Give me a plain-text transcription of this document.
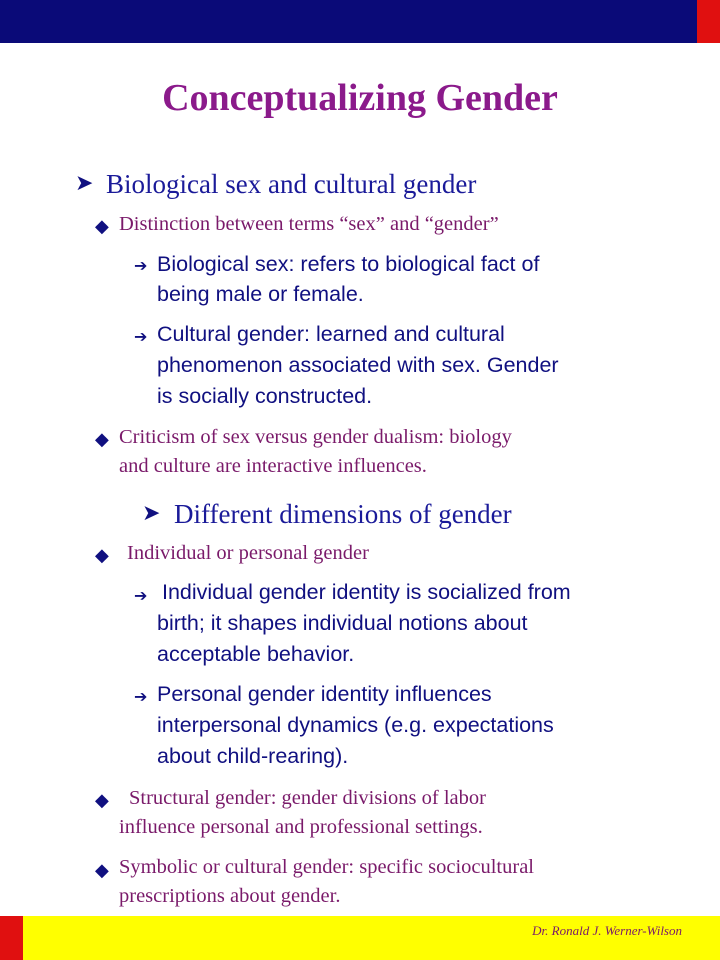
Conceptualizing Gender
➤ Biological sex and cultural gender
◆ Distinction between terms “sex” and “gender”
➔ Biological sex: refers to biological fact of
being male or female.
➔ Cultural gender: learned and cultural
phenomenon associated with sex. Gender
is socially constructed.
◆ Criticism of sex versus gender dualism: biology
and culture are interactive influences.
➤ Different dimensions of gender
◆ Individual or personal gender
➔ Individual gender identity is socialized from
birth; it shapes individual notions about
acceptable behavior.
➔ Personal gender identity influences
interpersonal dynamics (e.g. expectations
about child-rearing).
◆ Structural gender: gender divisions of labor
influence personal and professional settings.
◆ Symbolic or cultural gender: specific sociocultural
prescriptions about gender.
Dr. Ronald J. Werner-Wilson
